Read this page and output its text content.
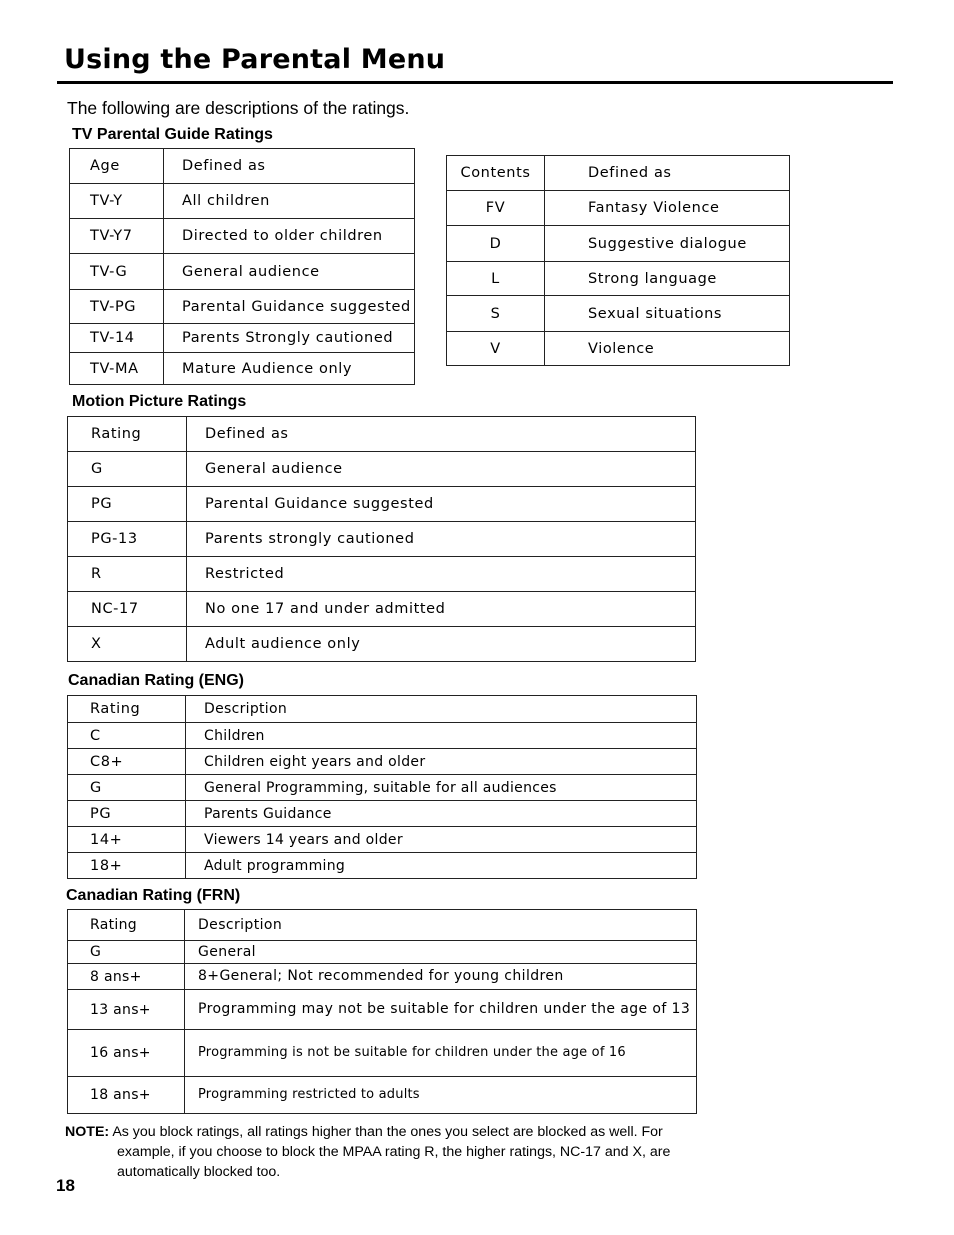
Using the Parental Menu
The following are descriptions of the ratings.
TV Parental Guide Ratings
Age	Defined as
TV-Y	All children
TV-Y7	Directed to older children
TV-G	General audience
TV-PG	Parental Guidance suggested
TV-14	Parents Strongly cautioned
TV-MA	Mature Audience only
Contents	Defined as
FV	Fantasy Violence
D	Suggestive dialogue
L	Strong language
S	Sexual situations
V	Violence
Motion Picture Ratings
Rating	Defined as
G	General audience
PG	Parental Guidance suggested
PG-13	Parents strongly cautioned
R	Restricted
NC-17	No one 17 and under admitted
X	Adult audience only
Canadian Rating (ENG)
Rating	Description
C	Children
C8+	Children eight years and older
G	General Programming, suitable for all audiences
PG	Parents Guidance
14+	Viewers 14 years and older
18+	Adult programming
Canadian Rating (FRN)
Rating	Description
G	General
8 ans+	8+General; Not recommended for young children
13 ans+	Programming may not be suitable for children under the age of 13
16 ans+	Programming is not be suitable for children under the age of 16
18 ans+	Programming restricted to adults
NOTE: As you block ratings, all ratings higher than the ones you select are blocked as well. For
example, if you choose to block the MPAA rating R, the higher ratings, NC-17 and X, are
automatically blocked too.
18
